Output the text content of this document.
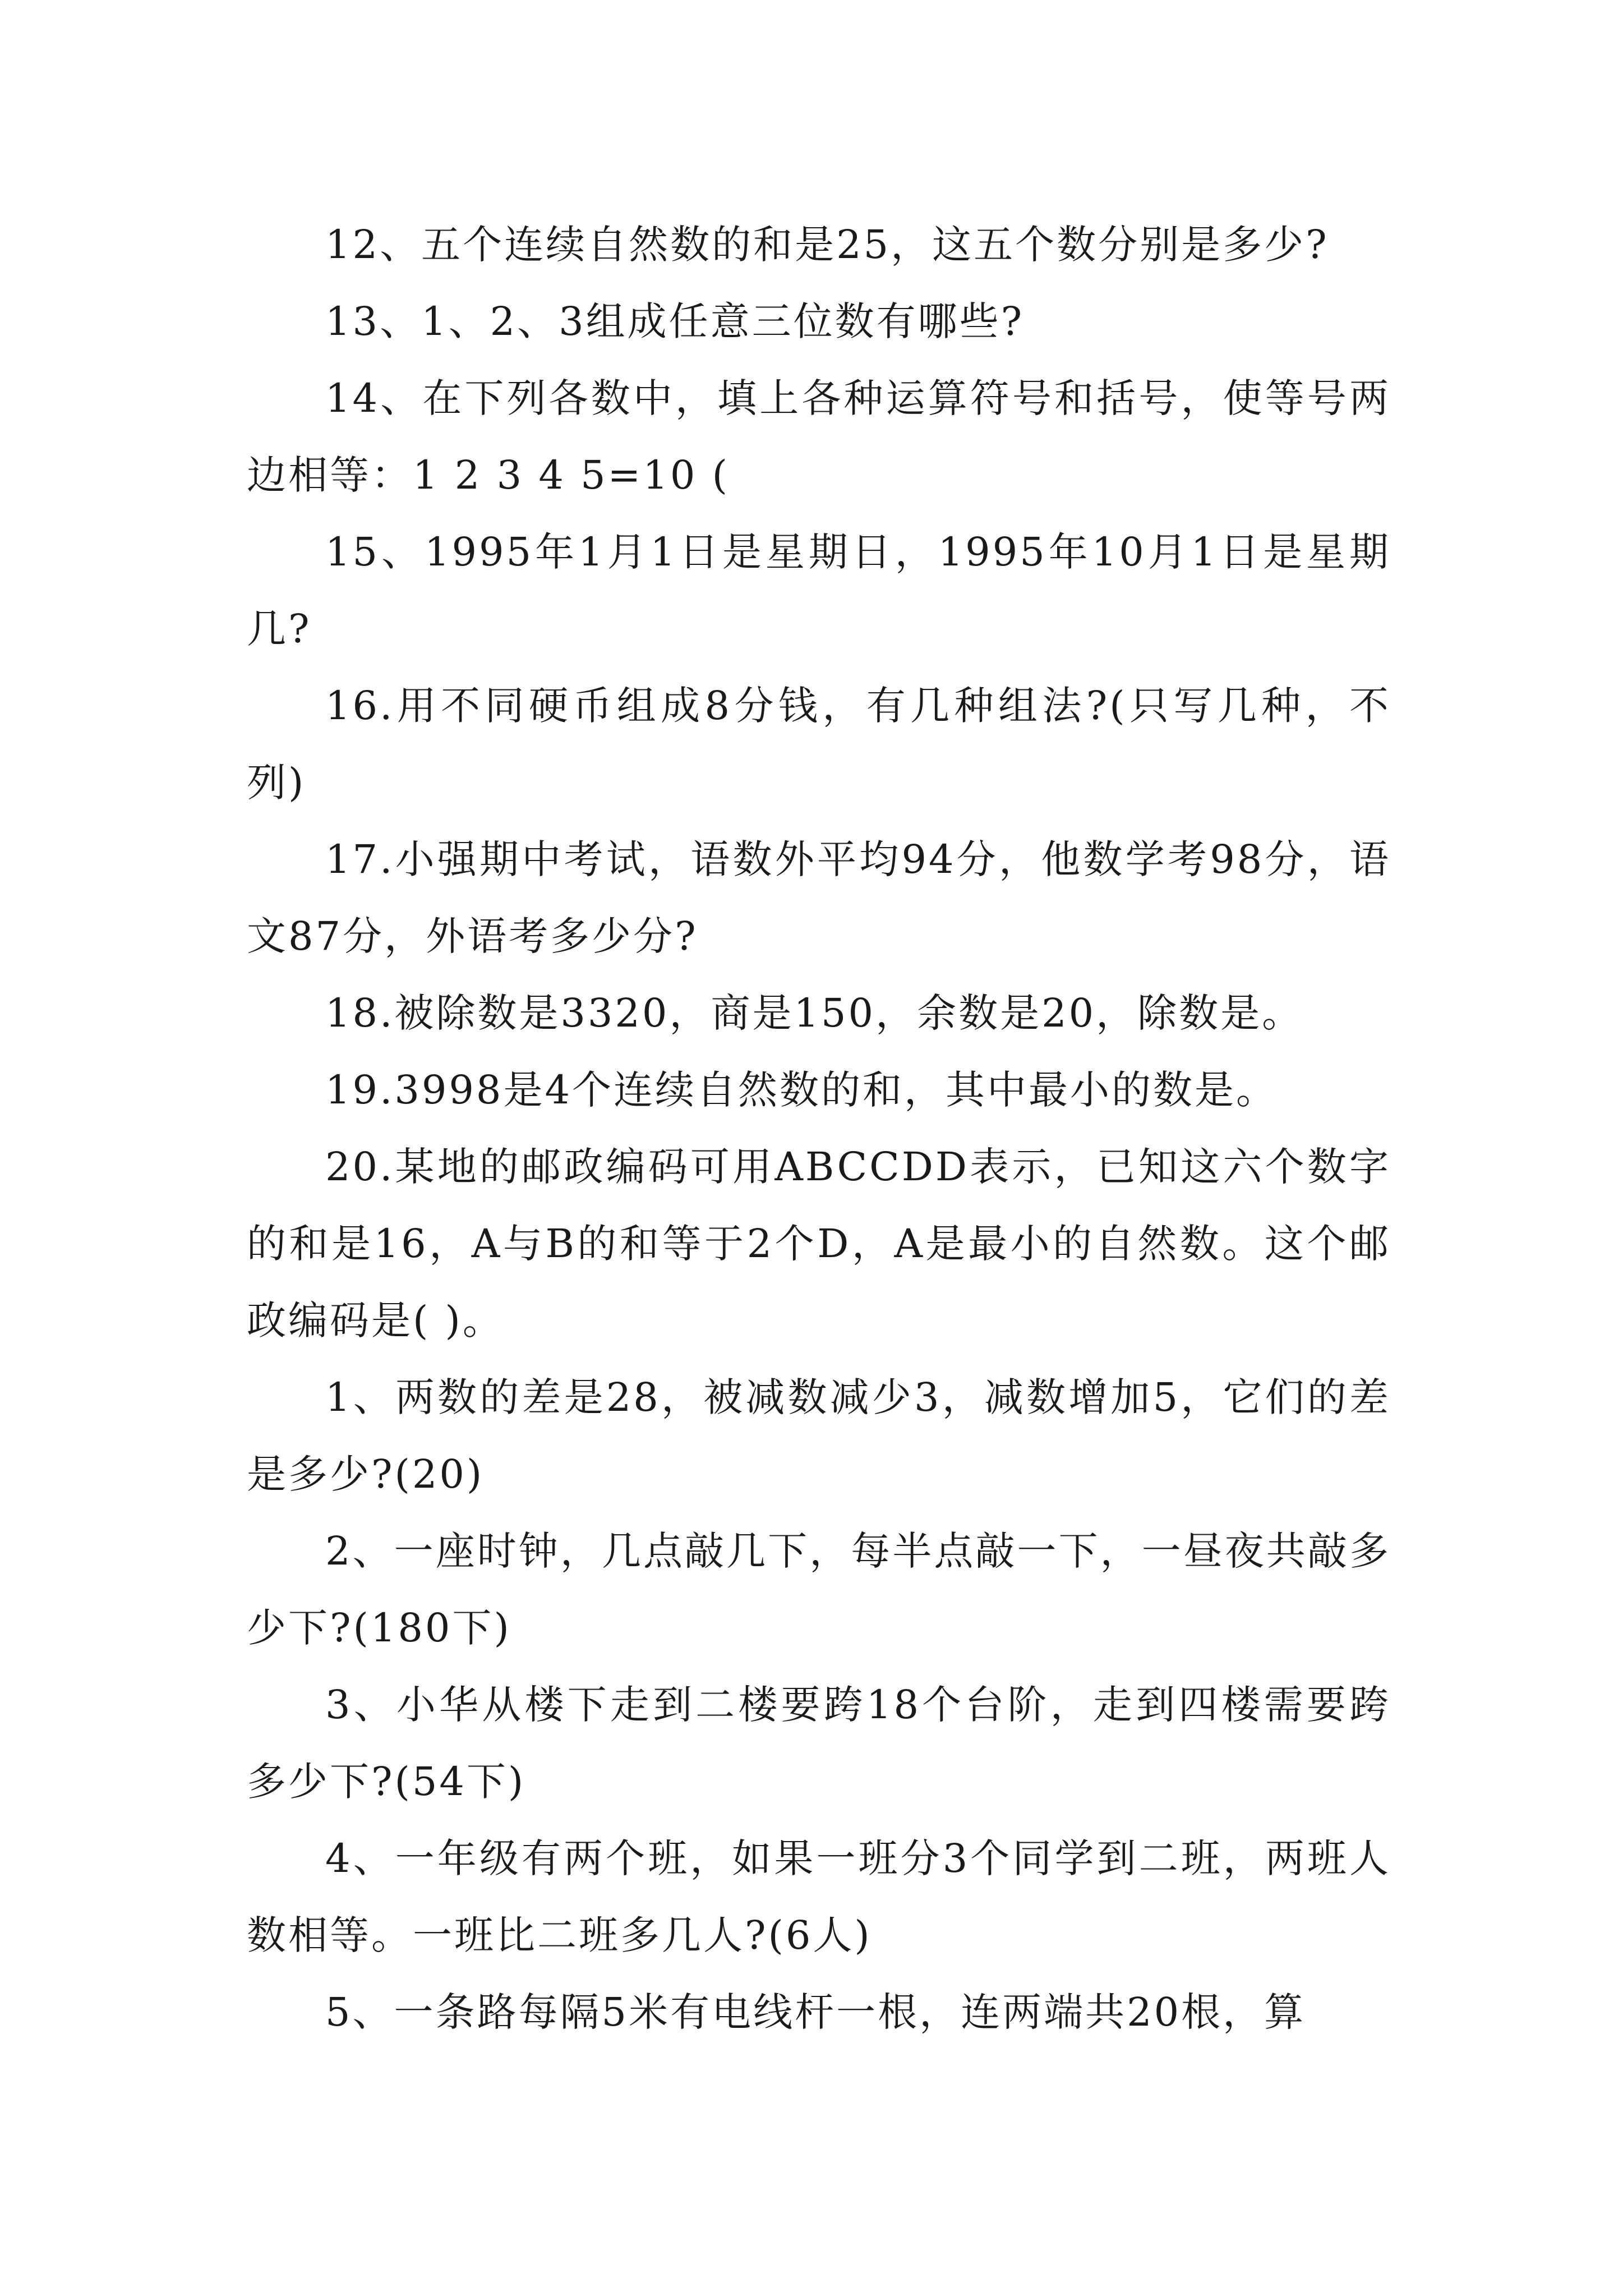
12、五个连续自然数的和是25，这五个数分别是多少?

13、1、2、3组成任意三位数有哪些?

14、在下列各数中，填上各种运算符号和括号，使等号两边相等：1 2 3 4 5=10 (

15、1995年1月1日是星期日，1995年10月1日是星期几?

16.用不同硬币组成8分钱，有几种组法?(只写几种，不列)

17.小强期中考试，语数外平均94分，他数学考98分，语文87分，外语考多少分?

18.被除数是3320，商是150，余数是20，除数是。

19.3998是4个连续自然数的和，其中最小的数是。

20.某地的邮政编码可用ABCCDD表示，已知这六个数字的和是16，A与B的和等于2个D，A是最小的自然数。这个邮政编码是( )。

1、两数的差是28，被减数减少3，减数增加5，它们的差是多少?(20)

2、一座时钟，几点敲几下，每半点敲一下，一昼夜共敲多少下?(180下)

3、小华从楼下走到二楼要跨18个台阶，走到四楼需要跨多少下?(54下)

4、一年级有两个班，如果一班分3个同学到二班，两班人数相等。一班比二班多几人?(6人)

5、一条路每隔5米有电线杆一根，连两端共20根，算
